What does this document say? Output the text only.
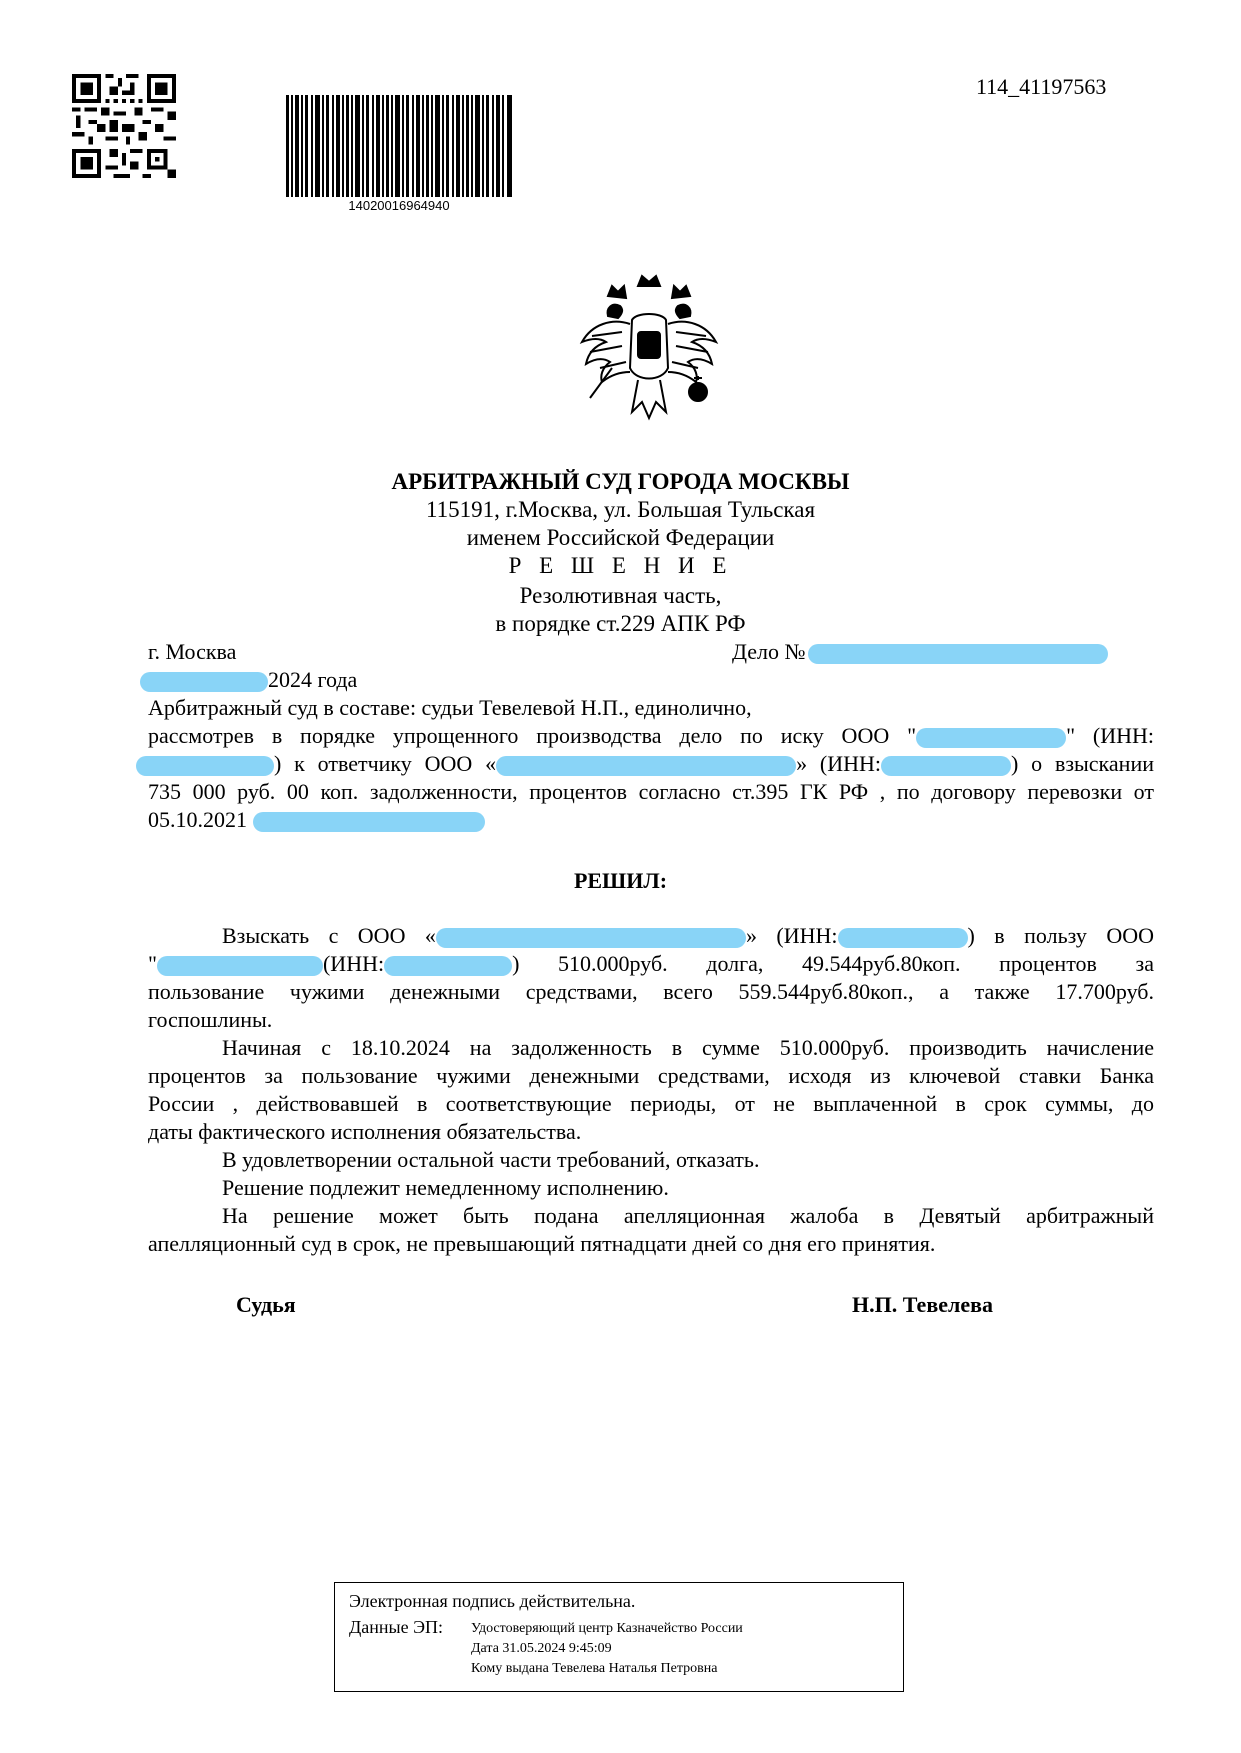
14020016964940
114_41197563
АРБИТРАЖНЫЙ СУД ГОРОДА МОСКВЫ
115191, г.Москва, ул. Большая Тульская
именем Российской Федерации
Р Е Ш Е Н И Е
Резолютивная часть,
в порядке ст.229 АПК РФ
г. Москва	Дело №
2024 года
Арбитражный суд в составе: судьи Тевелевой Н.П., единолично,
рассмотрев в порядке упрощенного производства дело по иску ООО "	" (ИНН:
) к ответчику ООО «	» (ИНН:	) о взыскании
735 000 руб. 00 коп. задолженности, процентов согласно ст.395 ГК РФ , по договору перевозки от
05.10.2021
РЕШИЛ:
Взыскать с ООО «	» (ИНН:	) в пользу ООО
"	(ИНН:	) 510.000руб. долга, 49.544руб.80коп. процентов за
пользование чужими денежными средствами, всего 559.544руб.80коп., а также 17.700руб.
госпошлины.
Начиная с 18.10.2024 на задолженность в сумме 510.000руб. производить начисление
процентов за пользование чужими денежными средствами, исходя из ключевой ставки Банка
России , действовавшей в соответствующие периоды, от не выплаченной в срок суммы, до
даты фактического исполнения обязательства.
В удовлетворении остальной части требований, отказать.
Решение подлежит немедленному исполнению.
На решение может быть подана апелляционная жалоба в Девятый арбитражный
апелляционный суд в срок, не превышающий пятнадцати дней со дня его принятия.
Судья	Н.П. Тевелева
Электронная подпись действительна.
Данные ЭП: Удостоверяющий центр Казначейство России
Дата 31.05.2024 9:45:09
Кому выдана Тевелева Наталья Петровна
